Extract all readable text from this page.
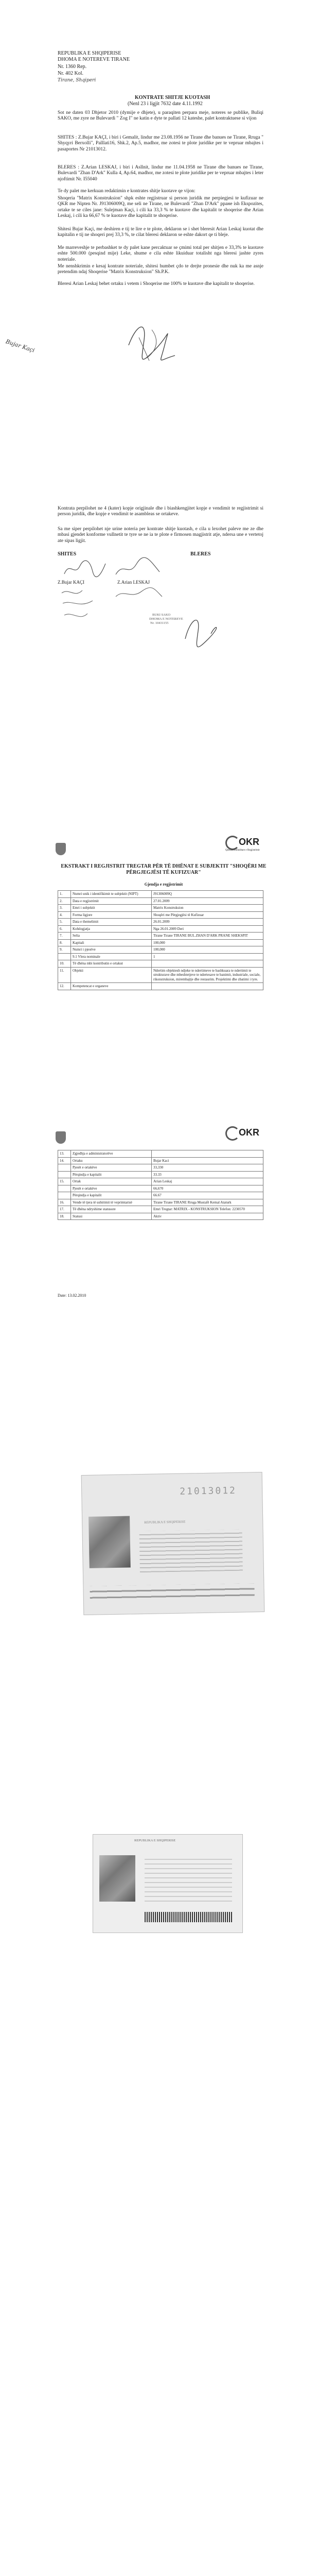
REPUBLIKA E SHQIPERISE
DHOMA E NOTEREVE TIRANE
Nr. 1360 Rep.
Nr. 402 Kol.
Tirane, Shqiperi
KONTRATE SHITJE KUOTASH
(Nenl 23 i ligjit 7632 date 4.11.1992
Sot ne daten 03 Dhjetor 2010 (dymije e dhjete), u paraqiten perpara meje, noteres se publike, Buliqi SAKO, me zyre ne Bulevardi " Zog I" ne katin e dyte te pallati 12 kateshe, palet kontraktuese si vijon
SHITES : Z.Bujar KAÇI, i biri i Gemalit, lindur me 23.08.1956 ne Tirane dhe banues ne Tirane, Rruga " Shyqyri Berxolli", Palllati16, Shk.2, Ap.5, madhor, me zotesi te plote juridike per te vepruar mbajtes i pasaportes Nr 21013012.
BLERES : Z.Arian LESKAJ, i biri i Asllnit, lindur me 11.04.1958 ne Tirane dhe banues ne Tirane, Bulevardi "Zhan D'Ark" Kulla 4, Ap.64, madhor, me zotesi te plote juridike per te vepruar mbajtes i leter njoftimit Nr. I55040
Te dy palet me kerkuan redaktimin e kontrates shitje kuotave qe vijon:
Shoqeria "Matrix Konstruksion" shpk eshte regjistruar si person juridik me perpiegjesi te kufizuar ne QKR me Nipten Nr. J91306009Q, me seli ne Tirane, ne Bulevardi "Zhan D'Ark" pране ish Ekspozites, ortake te se ciles jane: Sulejman Kaçi, i cili ka 33,3 % te kuotave dhe kapitalit te shoqerise dhe Arian Leskaj, i cili ka 66,67 % te kuotave dhe kapitalit te shoqerise.
Shitesi Bujar Kaçi, me deshiren e tij te lire e te plote, deklaron se i shet bleresit Arian Leskaj kuotat dhe kapitalin e tij ne shoqeri prej 33,3 %, te cilat bleresi deklaron se eshte dakort qe ti bleje.
Me marreveshje te perbashket te dy palet kane percaktuar se çmimi total per shitjen e 33,3% te kuotave eshte 500.000 (pesqind mije) Leke, shume e cila eshte likuiduar totalisht nga bleresi jashte zyres noteriale.
Me nenshkrimin e kesaj kontrate noteriale, shitesi humbet çdo te drejte pronesie dhe nuk ka me asnje pretendim ndaj Shoqerise "Matrix Konstruksion" Sh.P.K.
Bleresi Arian Leskaj behet ortaku i vetem i Shoqerise me 100% te kuotave dhe kapitalit te shoqerise.
Bujar Kaçi
Kontrata perpilohet ne 4 (kater) kopje origjinale dhe i biashkengjitet kopje e vendimit te regjistrimit si person juridik, dhe kopje e vendimit te asambleas se ortakeve.
Sa me siper perpilohet nje urine noteria per kontrate shitje kuotash, e cila u lexohet paleve me ze dhe mbasi gjendet konforme vullnetit te tyre se ne ia te plote e firmosen magjistrit atje, ndersa une e vertetoj ate sipas ligjit.
SHITES	BLERES
Z.Bujar KAÇI	Z.Arian LESKAJ
BUKI SAKO
DHOMA E NOTEREVE
Nr. 10431155
OKR
Qendra Kombëtare e Regjistrimit
EKSTRAKT I REGJISTRIT TREGTAR PËR TË DHËNAT E SUBJEKTIT "SHOQËRI ME PËRGJEGJËSI TË KUFIZUAR"
Gjendja e regjistrimit
1.	Numri unik i identifikimit te subjektit (NIPT)	J91306009Q
2.	Data e regjistrimit	27.01.2009
3.	Emri i subjektit	Matrix Konstruksion
4.	Forma ligjore	Shoqëri me Përgjegjësi të Kufizuar
5.	Data e themelimit	26.01.2009
6.	Kohëzgjatja	Nga 26.01.2009 Deri
7.	Selia	Tirane Tirane TIRANE BUL.ZHAN D'ARK PRANE SHEKSPIT
8.	Kapitali	100,000
9.	Numri i pjesëve	100,000
	9.1 Vlera nominale	1
10.	Të dhëna mbi kontributin e ortakut	
11.	Objekti	Ndertim objektesh ndjeke te ndertimeve te bashkuara te ndertimit te strukturave dhe mbeshtetjeve te ndertesave te banimit, industriale, sociale, rikonstruksion, mirembajtje dhe restaurim. Projektimi dhe zbatimi i tyre.
12.	Kompetencat e organeve	
OKR
13.	Zgjedhja e administratorëve	
14.	Ortaku	Bujar Kaci
	Pjesët e ortakëve	33,330
	Përqindja e kapitalit	33.33
15.	Ortak	Arian Leskaj
	Pjesët e ortakëve	66,670
	Përqindja e kapitalit	66.67
16.	Vende të tjera të ushtrimit të veprimtarisë	Tirane Tirane TIRANE Rruga Mustafë Kemal Ataturk
17.	Të dhëna ndryshime statusore	Emri Tregtar: MATRIX - KONSTRUKSION Telefon: 2230570
18.	Statusi	Aktiv
Date: 13.02.2010
21013012
REPUBLIKA E SHQIPERISE
REPUBLIKA E SHQIPERISE
